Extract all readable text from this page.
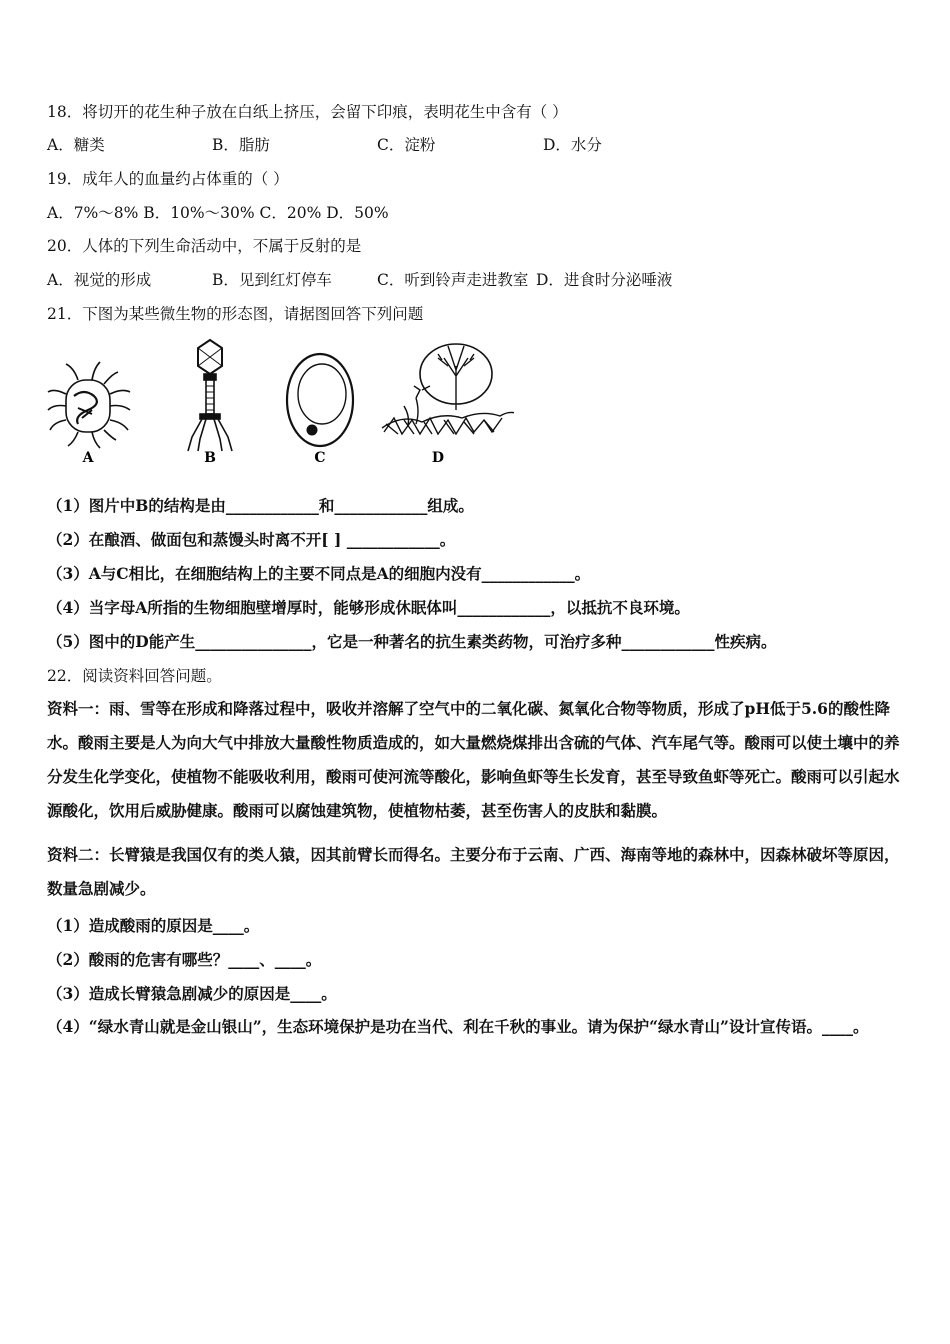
18．将切开的花生种子放在白纸上挤压，会留下印痕，表明花生中含有（ ）
A．糖类	B．脂肪	C．淀粉	D．水分
19．成年人的血量约占体重的（ ）
A．7%～8% B．10%～30% C．20% D．50%
20．人体的下列生命活动中，不属于反射的是
A．视觉的形成	B．见到红灯停车	C．听到铃声走进教室 D．进食时分泌唾液
21．下图为某些微生物的形态图，请据图回答下列问题
A	B	C	D
（1）图片中B的结构是由____________和____________组成。
（2）在酿酒、做面包和蒸馒头时离不开[ ] ____________。
（3）A与C相比，在细胞结构上的主要不同点是A的细胞内没有____________。
（4）当字母A所指的生物细胞壁增厚时，能够形成休眠体叫____________，以抵抗不良环境。
（5）图中的D能产生_______________，它是一种著名的抗生素类药物，可治疗多种____________性疾病。
22．阅读资料回答问题。
资料一：雨、雪等在形成和降落过程中，吸收并溶解了空气中的二氧化碳、氮氧化合物等物质，形成了pH低于5.6的酸性降水。酸雨主要是人为向大气中排放大量酸性物质造成的，如大量燃烧煤排出含硫的气体、汽车尾气等。酸雨可以使土壤中的养分发生化学变化，使植物不能吸收利用，酸雨可使河流等酸化，影响鱼虾等生长发育，甚至导致鱼虾等死亡。酸雨可以引起水源酸化，饮用后威胁健康。酸雨可以腐蚀建筑物，使植物枯萎，甚至伤害人的皮肤和黏膜。
资料二：长臂猿是我国仅有的类人猿，因其前臂长而得名。主要分布于云南、广西、海南等地的森林中，因森林破坏等原因，数量急剧减少。
（1）造成酸雨的原因是____。
（2）酸雨的危害有哪些？____、____。
（3）造成长臂猿急剧减少的原因是____。
（4）“绿水青山就是金山银山”，生态环境保护是功在当代、利在千秋的事业。请为保护“绿水青山”设计宣传语。____。
